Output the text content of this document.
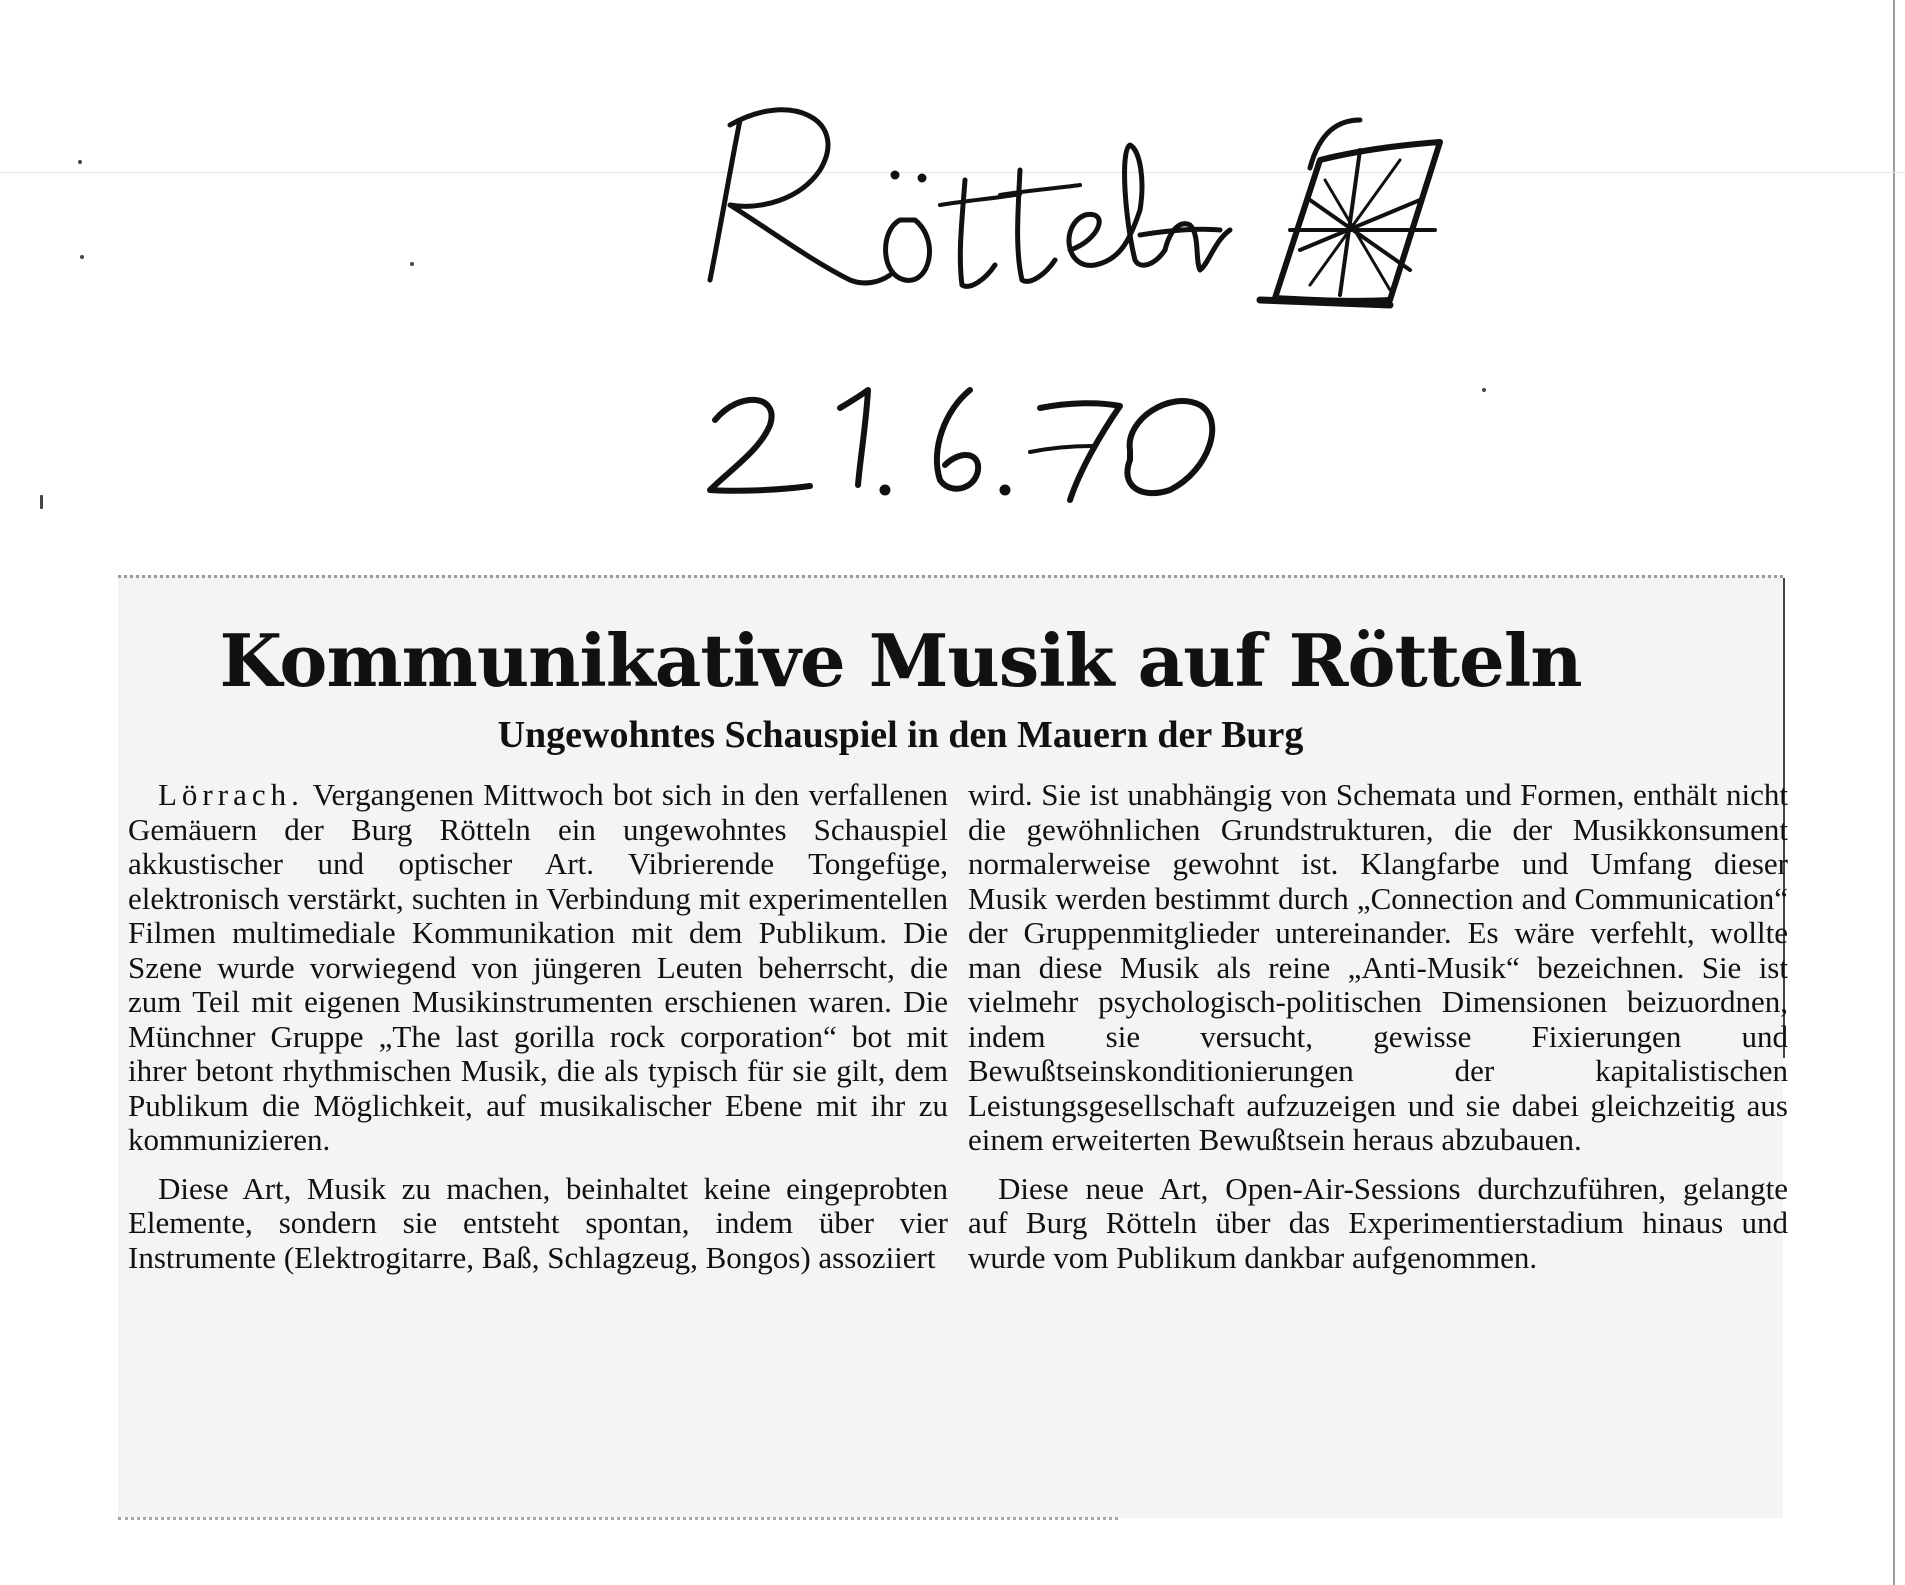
Kommunikative Musik auf Rötteln
Ungewohntes Schauspiel in den Mauern der Burg

Lörrach. Vergangenen Mittwoch bot sich in den verfallenen Gemäuern der Burg Rötteln ein ungewohntes Schauspiel akkustischer und optischer Art. Vibrierende Tongefüge, elektronisch verstärkt, suchten in Verbindung mit experimentellen Filmen multimediale Kommunikation mit dem Publikum. Die Szene wurde vorwiegend von jüngeren Leuten beherrscht, die zum Teil mit eigenen Musikinstrumenten erschienen waren. Die Münchner Gruppe „The last gorilla rock corporation“ bot mit ihrer betont rhythmischen Musik, die als typisch für sie gilt, dem Publikum die Möglichkeit, auf musikalischer Ebene mit ihr zu kommunizieren.

Diese Art, Musik zu machen, beinhaltet keine eingeprobten Elemente, sondern sie entsteht spontan, indem über vier Instrumente (Elektrogitarre, Baß, Schlagzeug, Bongos) assoziiert

wird. Sie ist unabhängig von Schemata und Formen, enthält nicht die gewöhnlichen Grundstrukturen, die der Musikkonsument normalerweise gewohnt ist. Klangfarbe und Umfang dieser Musik werden bestimmt durch „Connection and Communication“ der Gruppenmitglieder untereinander. Es wäre verfehlt, wollte man diese Musik als reine „Anti-Musik“ bezeichnen. Sie ist vielmehr psychologisch-politischen Dimensionen beizuordnen, indem sie versucht, gewisse Fixierungen und Bewußtseinskonditionierungen der kapitalistischen Leistungsgesellschaft aufzuzeigen und sie dabei gleichzeitig aus einem erweiterten Bewußtsein heraus abzubauen.

Diese neue Art, Open-Air-Sessions durchzuführen, gelangte auf Burg Rötteln über das Experimentierstadium hinaus und wurde vom Publikum dankbar aufgenommen.
